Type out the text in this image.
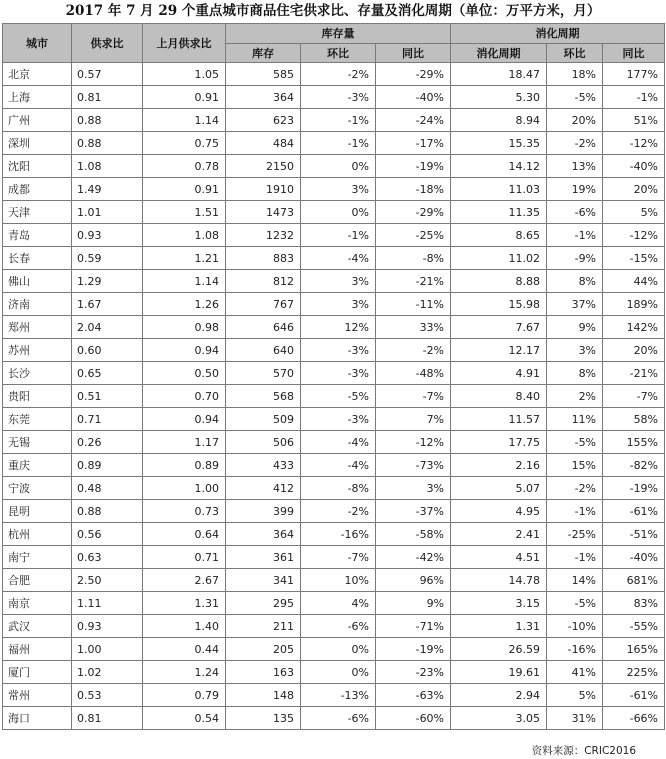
2017 年 7 月 29 个重点城市商品住宅供求比、存量及消化周期（单位：万平方米，月）
城市	供求比	上月供求比	库存量			消化周期		
			库存	环比	同比	消化周期	环比	同比
北京	0.57	1.05	585	-2%	-29%	18.47	18%	177%
上海	0.81	0.91	364	-3%	-40%	5.30	-5%	-1%
广州	0.88	1.14	623	-1%	-24%	8.94	20%	51%
深圳	0.88	0.75	484	-1%	-17%	15.35	-2%	-12%
沈阳	1.08	0.78	2150	0%	-19%	14.12	13%	-40%
成都	1.49	0.91	1910	3%	-18%	11.03	19%	20%
天津	1.01	1.51	1473	0%	-29%	11.35	-6%	5%
青岛	0.93	1.08	1232	-1%	-25%	8.65	-1%	-12%
长春	0.59	1.21	883	-4%	-8%	11.02	-9%	-15%
佛山	1.29	1.14	812	3%	-21%	8.88	8%	44%
济南	1.67	1.26	767	3%	-11%	15.98	37%	189%
郑州	2.04	0.98	646	12%	33%	7.67	9%	142%
苏州	0.60	0.94	640	-3%	-2%	12.17	3%	20%
长沙	0.65	0.50	570	-3%	-48%	4.91	8%	-21%
贵阳	0.51	0.70	568	-5%	-7%	8.40	2%	-7%
东莞	0.71	0.94	509	-3%	7%	11.57	11%	58%
无锡	0.26	1.17	506	-4%	-12%	17.75	-5%	155%
重庆	0.89	0.89	433	-4%	-73%	2.16	15%	-82%
宁波	0.48	1.00	412	-8%	3%	5.07	-2%	-19%
昆明	0.88	0.73	399	-2%	-37%	4.95	-1%	-61%
杭州	0.56	0.64	364	-16%	-58%	2.41	-25%	-51%
南宁	0.63	0.71	361	-7%	-42%	4.51	-1%	-40%
合肥	2.50	2.67	341	10%	96%	14.78	14%	681%
南京	1.11	1.31	295	4%	9%	3.15	-5%	83%
武汉	0.93	1.40	211	-6%	-71%	1.31	-10%	-55%
福州	1.00	0.44	205	0%	-19%	26.59	-16%	165%
厦门	1.02	1.24	163	0%	-23%	19.61	41%	225%
常州	0.53	0.79	148	-13%	-63%	2.94	5%	-61%
海口	0.81	0.54	135	-6%	-60%	3.05	31%	-66%
资料来源：CRIC2016
